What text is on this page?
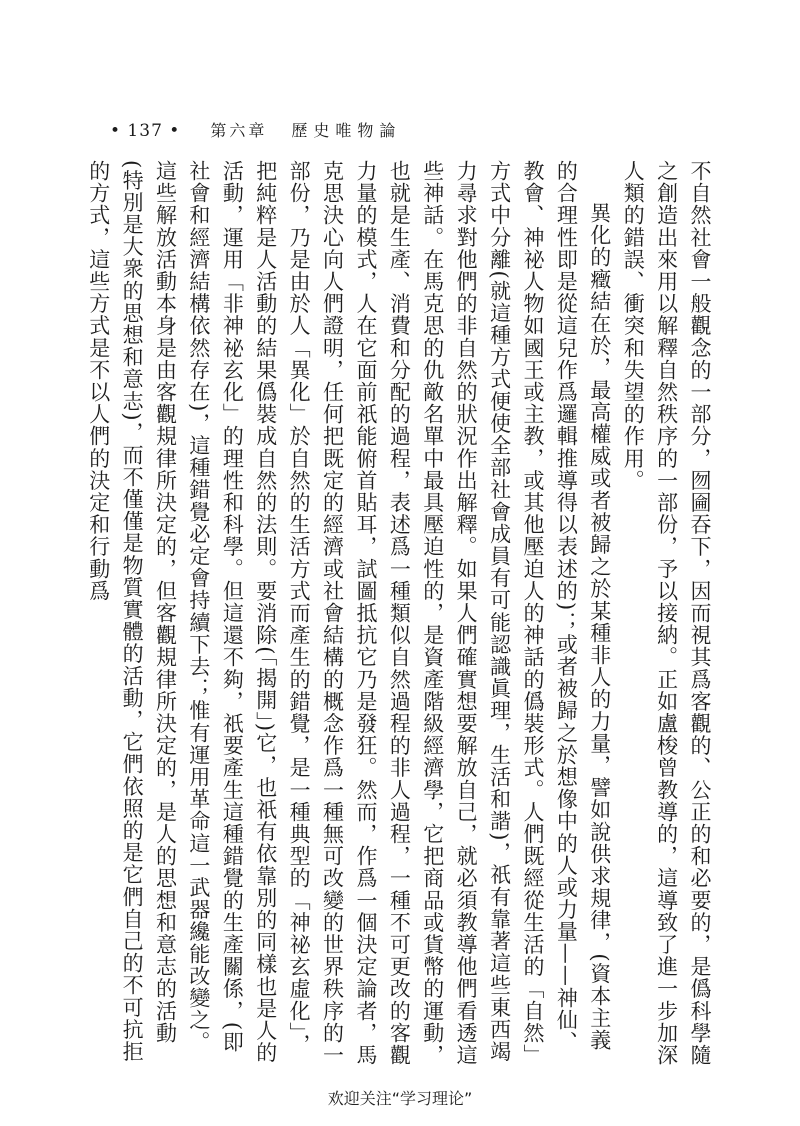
• 137 • 第六章 歷史唯物論

不自然社會一般觀念的一部分，囫圇吞下，因而視其爲客觀的、公正的和必要的，是僞科學隨之創造出來用以解釋自然秩序的一部份，予以接納。正如盧梭曾教導的，這導致了進一步加深人類的錯誤、衝突和失望的作用。

異化的癥結在於，最高權威或者被歸之於某種非人的力量，譬如說供求規律，(資本主義的合理性即是從這兒作爲邏輯推導得以表述的)；或者被歸之於想像中的人或力量——神仙、教會、神祕人物如國王或主教，或其他壓迫人的神話的僞裝形式。人們既經從生活的「自然」方式中分離(就這種方式便使全部社會成員有可能認識眞理，生活和諧)，祇有靠著這些東西竭力尋求對他們的非自然的狀況作出解釋。如果人們確實想要解放自己，就必須教導他們看透這些神話。在馬克思的仇敵名單中最具壓迫性的，是資產階級經濟學，它把商品或貨幣的運動，也就是生產、消費和分配的過程，表述爲一種類似自然過程的非人過程，一種不可更改的客觀力量的模式，人在它面前祇能俯首貼耳，試圖抵抗它乃是發狂。然而，作爲一個決定論者，馬克思決心向人們證明，任何把既定的經濟或社會結構的概念作爲一種無可改變的世界秩序的一部份，乃是由於人「異化」於自然的生活方式而產生的錯覺，是一種典型的「神祕玄虛化」，把純粹是人活動的結果僞裝成自然的法則。要消除(「揭開」)它，也祇有依靠別的同樣也是人的活動，運用「非神祕玄化」的理性和科學。但這還不夠，祇要產生這種錯覺的生產關係，(即社會和經濟結構依然存在)，這種錯覺必定會持續下去；惟有運用革命這一武器纔能改變之。這些解放活動本身是由客觀規律所決定的，但客觀規律所決定的，是人的思想和意志的活動(特別是大衆的思想和意志)，而不僅僅是物質實體的活動，它們依照的是它們自己的不可抗拒的方式，這些方式是不以人們的決定和行動爲

欢迎关注“学习理论”
